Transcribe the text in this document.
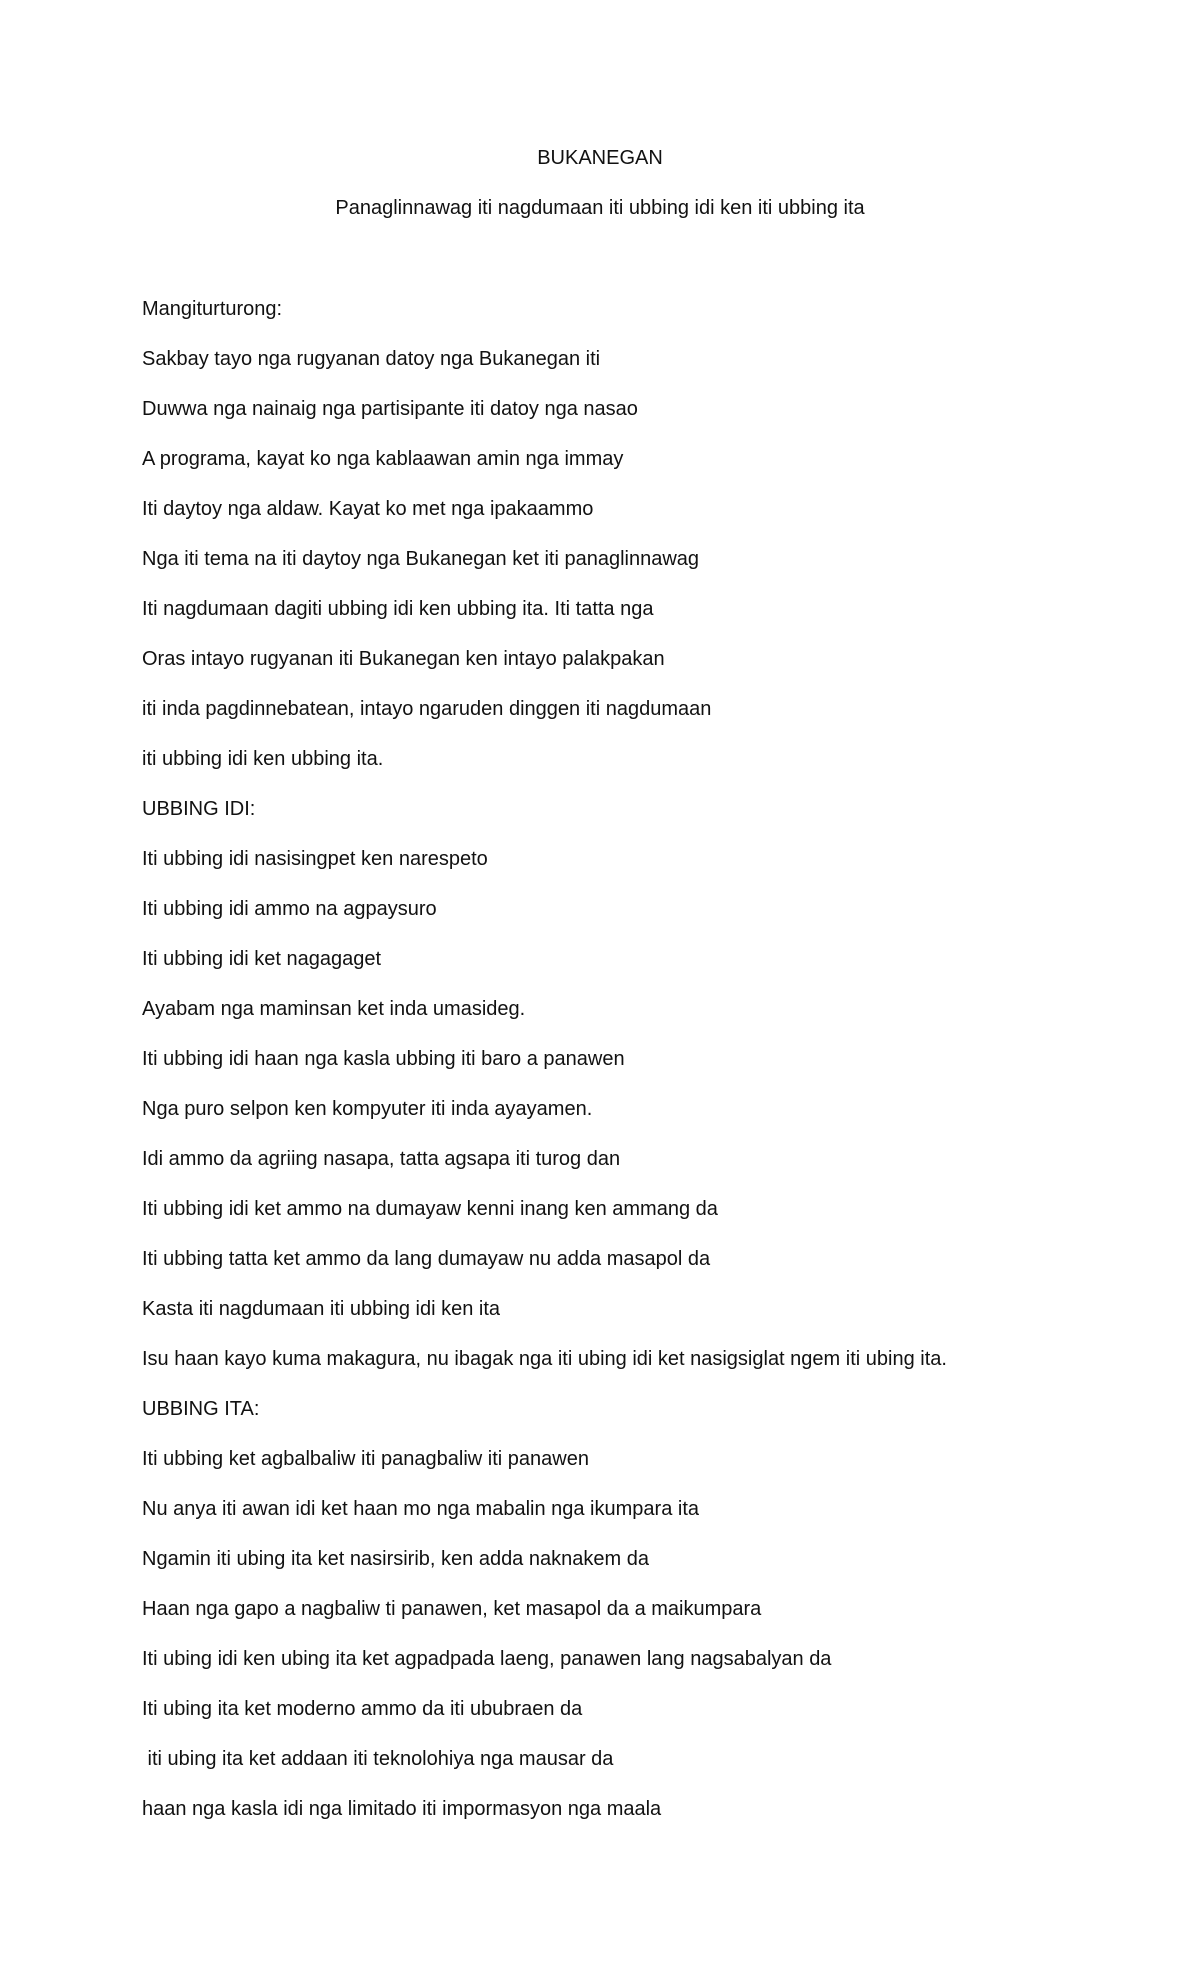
BUKANEGAN
Panaglinnawag iti nagdumaan iti ubbing idi ken iti ubbing ita
Mangiturturong:
Sakbay tayo nga rugyanan datoy nga Bukanegan iti
Duwwa nga nainaig nga partisipante iti datoy nga nasao
A programa, kayat ko nga kablaawan amin nga immay
Iti daytoy nga aldaw. Kayat ko met nga ipakaammo
Nga iti tema na iti daytoy nga Bukanegan ket iti panaglinnawag
Iti nagdumaan dagiti ubbing idi ken ubbing ita. Iti tatta nga
Oras intayo rugyanan iti Bukanegan ken intayo palakpakan
iti inda pagdinnebatean, intayo ngaruden dinggen iti nagdumaan
iti ubbing idi ken ubbing ita.
UBBING IDI:
Iti ubbing idi nasisingpet ken narespeto
Iti ubbing idi ammo na agpaysuro
Iti ubbing idi ket nagagaget
Ayabam nga maminsan ket inda umasideg.
Iti ubbing idi haan nga kasla ubbing iti baro a panawen
Nga puro selpon ken kompyuter iti inda ayayamen.
Idi ammo da agriing nasapa, tatta agsapa iti turog dan
Iti ubbing idi ket ammo na dumayaw kenni inang ken ammang da
Iti ubbing tatta ket ammo da lang dumayaw nu adda masapol da
Kasta iti nagdumaan iti ubbing idi ken ita
Isu haan kayo kuma makagura, nu ibagak nga iti ubing idi ket nasigsiglat ngem iti ubing ita.
UBBING ITA:
Iti ubbing ket agbalbaliw iti panagbaliw iti panawen
Nu anya iti awan idi ket haan mo nga mabalin nga ikumpara ita
Ngamin iti ubing ita ket nasirsirib, ken adda naknakem da
Haan nga gapo a nagbaliw ti panawen, ket masapol da a maikumpara
Iti ubing idi ken ubing ita ket agpadpada laeng, panawen lang nagsabalyan da
Iti ubing ita ket moderno ammo da iti ububraen da
iti ubing ita ket addaan iti teknolohiya nga mausar da
haan nga kasla idi nga limitado iti impormasyon nga maala
